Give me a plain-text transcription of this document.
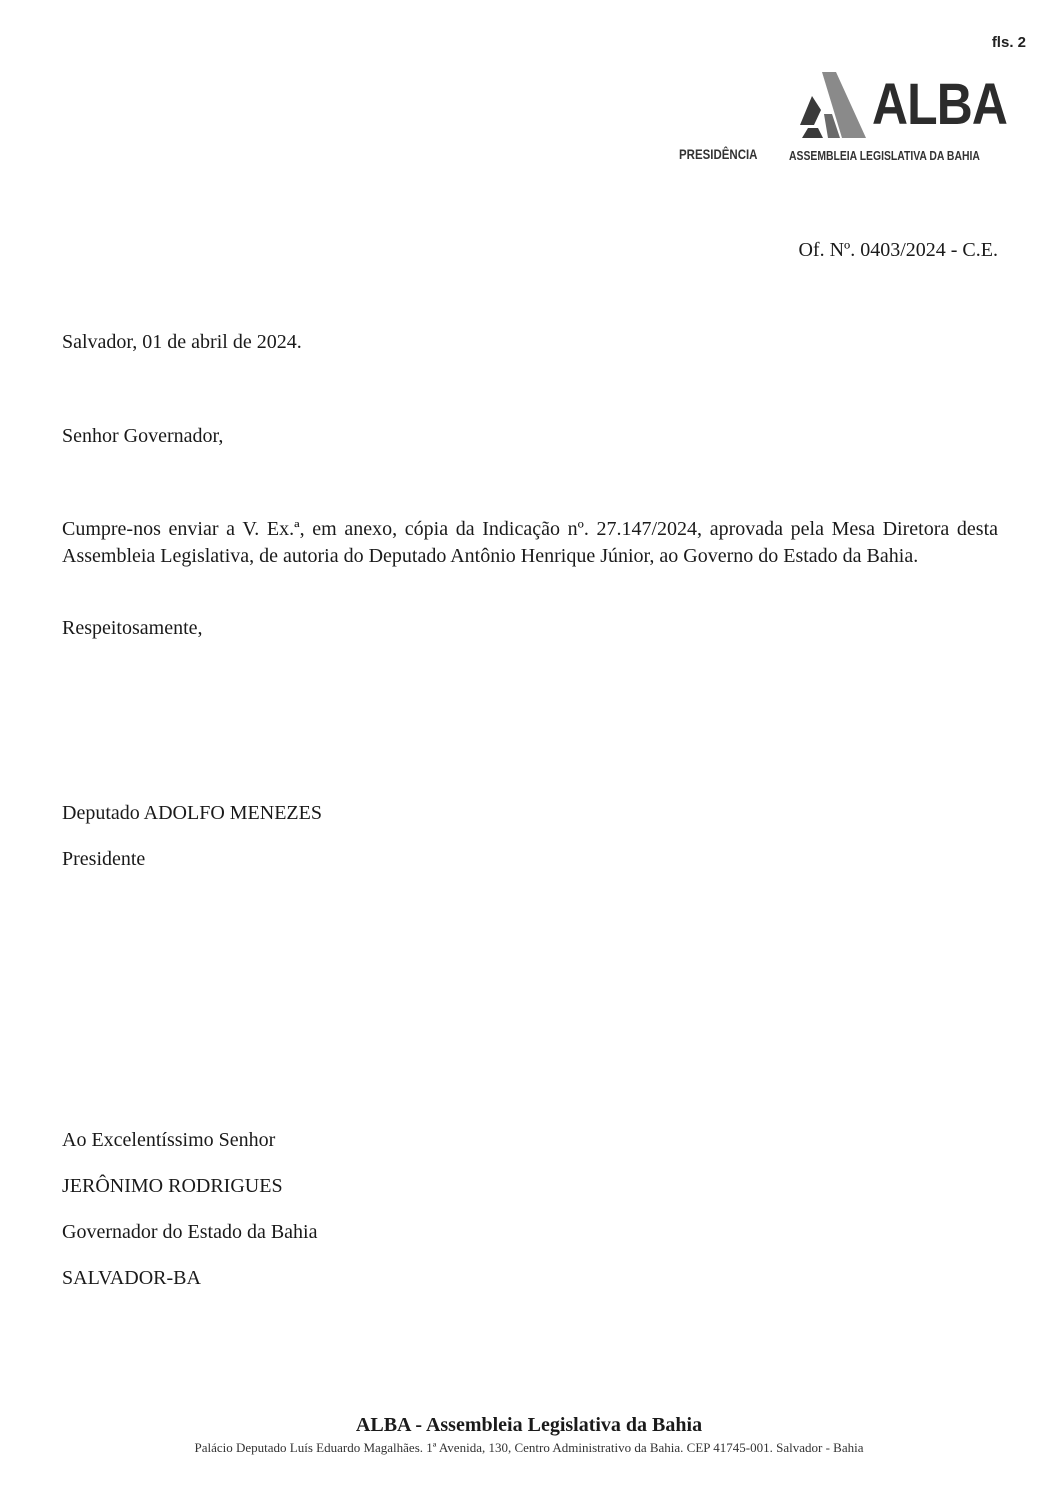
fls. 2
ALBA
PRESIDÊNCIA ASSEMBLEIA LEGISLATIVA DA BAHIA
Of. Nº. 0403/2024 - C.E.
Salvador, 01 de abril de 2024.
Senhor Governador,
Cumpre-nos enviar a V. Ex.ª, em anexo, cópia da Indicação nº. 27.147/2024, aprovada pela Mesa Diretora desta Assembleia Legislativa, de autoria do Deputado Antônio Henrique Júnior, ao Governo do Estado da Bahia.
Respeitosamente,
Deputado ADOLFO MENEZES
Presidente
Ao Excelentíssimo Senhor
JERÔNIMO RODRIGUES
Governador do Estado da Bahia
SALVADOR-BA
ALBA - Assembleia Legislativa da Bahia
Palácio Deputado Luís Eduardo Magalhães. 1ª Avenida, 130, Centro Administrativo da Bahia. CEP 41745-001. Salvador - Bahia
